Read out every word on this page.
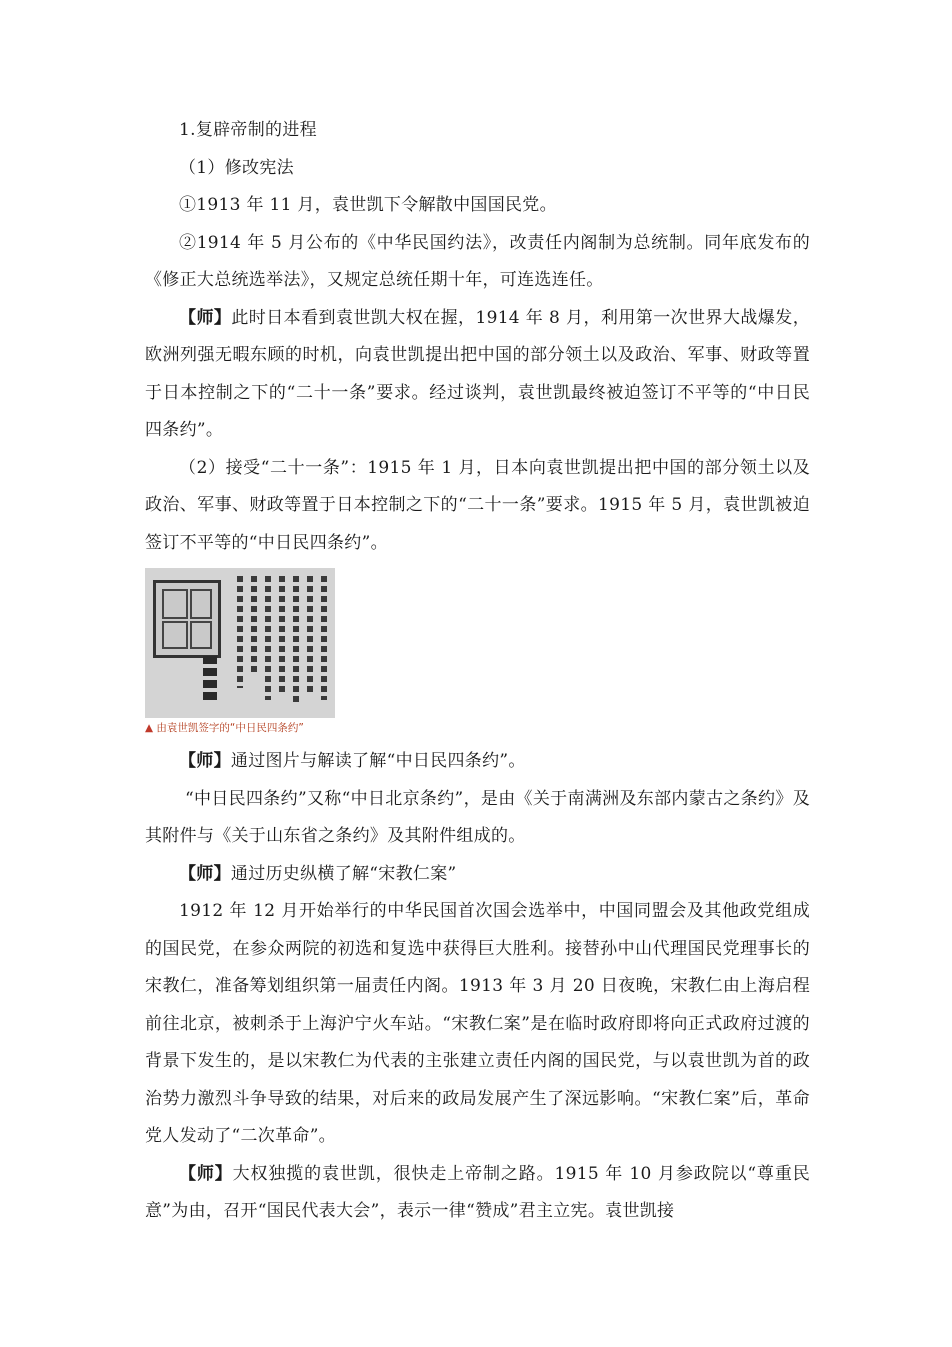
1.复辟帝制的进程

（1）修改宪法

①1913 年 11 月，袁世凯下令解散中国国民党。

②1914 年 5 月公布的《中华民国约法》，改责任内阁制为总统制。同年底发布的《修正大总统选举法》，又规定总统任期十年，可连选连任。

【师】此时日本看到袁世凯大权在握，1914 年 8 月，利用第一次世界大战爆发，欧洲列强无暇东顾的时机，向袁世凯提出把中国的部分领土以及政治、军事、财政等置于日本控制之下的“二十一条”要求。经过谈判，袁世凯最终被迫签订不平等的“中日民四条约”。

（2）接受“二十一条”：1915 年 1 月，日本向袁世凯提出把中国的部分领土以及政治、军事、财政等置于日本控制之下的“二十一条”要求。1915 年 5 月，袁世凯被迫签订不平等的“中日民四条约”。

▲ 由袁世凯签字的“中日民四条约”

【师】通过图片与解读了解“中日民四条约”。

“中日民四条约”又称“中日北京条约”，是由《关于南满洲及东部内蒙古之条约》及其附件与《关于山东省之条约》及其附件组成的。

【师】通过历史纵横了解“宋教仁案”

1912 年 12 月开始举行的中华民国首次国会选举中，中国同盟会及其他政党组成的国民党，在参众两院的初选和复选中获得巨大胜利。接替孙中山代理国民党理事长的宋教仁，准备筹划组织第一届责任内阁。1913 年 3 月 20 日夜晚，宋教仁由上海启程前往北京，被刺杀于上海沪宁火车站。“宋教仁案”是在临时政府即将向正式政府过渡的背景下发生的，是以宋教仁为代表的主张建立责任内阁的国民党，与以袁世凯为首的政治势力激烈斗争导致的结果，对后来的政局发展产生了深远影响。“宋教仁案”后，革命党人发动了“二次革命”。

【师】大权独揽的袁世凯，很快走上帝制之路。1915 年 10 月参政院以“尊重民意”为由，召开“国民代表大会”，表示一律“赞成”君主立宪。袁世凯接
